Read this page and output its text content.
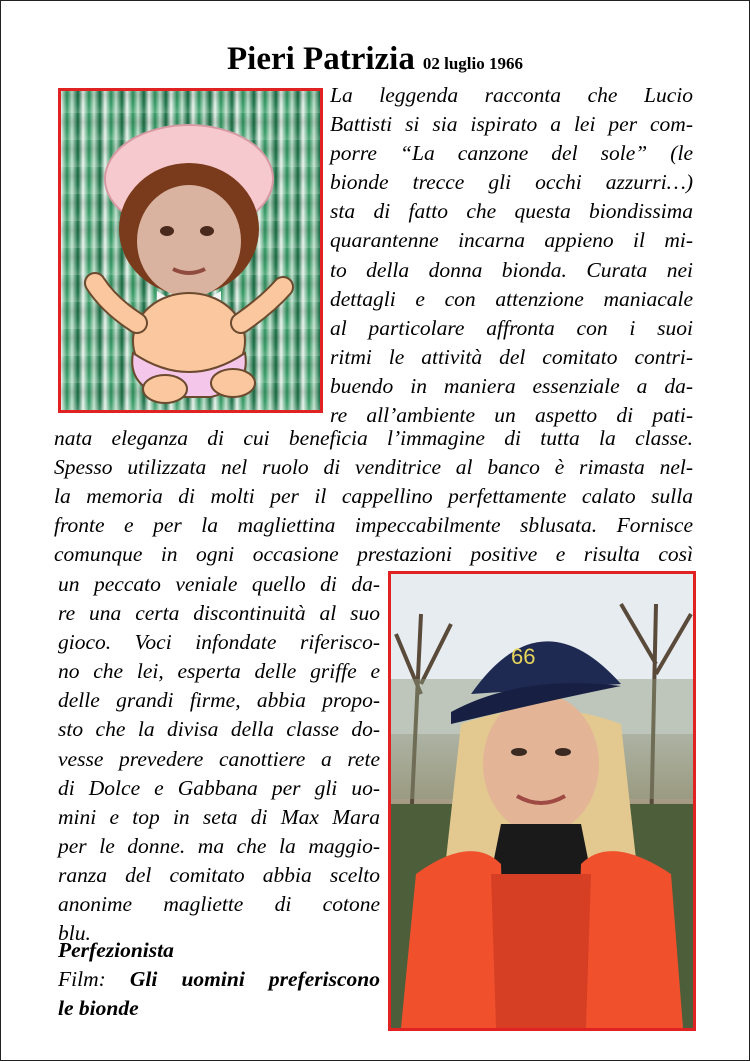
Pieri Patrizia 02 luglio 1966
La leggenda racconta che Lucio
Battisti si sia ispirato a lei per com-
porre “La canzone del sole” (le
bionde trecce gli occhi azzurri…)
sta di fatto che questa biondissima
quarantenne incarna appieno il mi-
to della donna bionda. Curata nei
dettagli e con attenzione maniacale
al particolare affronta con i suoi
ritmi le attività del comitato contri-
buendo in maniera essenziale a da-
re all’ambiente un aspetto di pati-
nata eleganza di cui beneficia l’immagine di tutta la classe.
Spesso utilizzata nel ruolo di venditrice al banco è rimasta nel-
la memoria di molti per il cappellino perfettamente calato sulla
fronte e per la magliettina impeccabilmente sblusata. Fornisce
comunque in ogni occasione prestazioni positive e risulta così
66
un peccato veniale quello di da-
re una certa discontinuità al suo
gioco. Voci infondate riferisco-
no che lei, esperta delle griffe e
delle grandi firme, abbia propo-
sto che la divisa della classe do-
vesse prevedere canottiere a rete
di Dolce e Gabbana per gli uo-
mini e top in seta di Max Mara
per le donne. ma che la maggio-
ranza del comitato abbia scelto
anonime magliette di cotone
blu.
Perfezionista

Film: Gli uomini preferiscono
le bionde
